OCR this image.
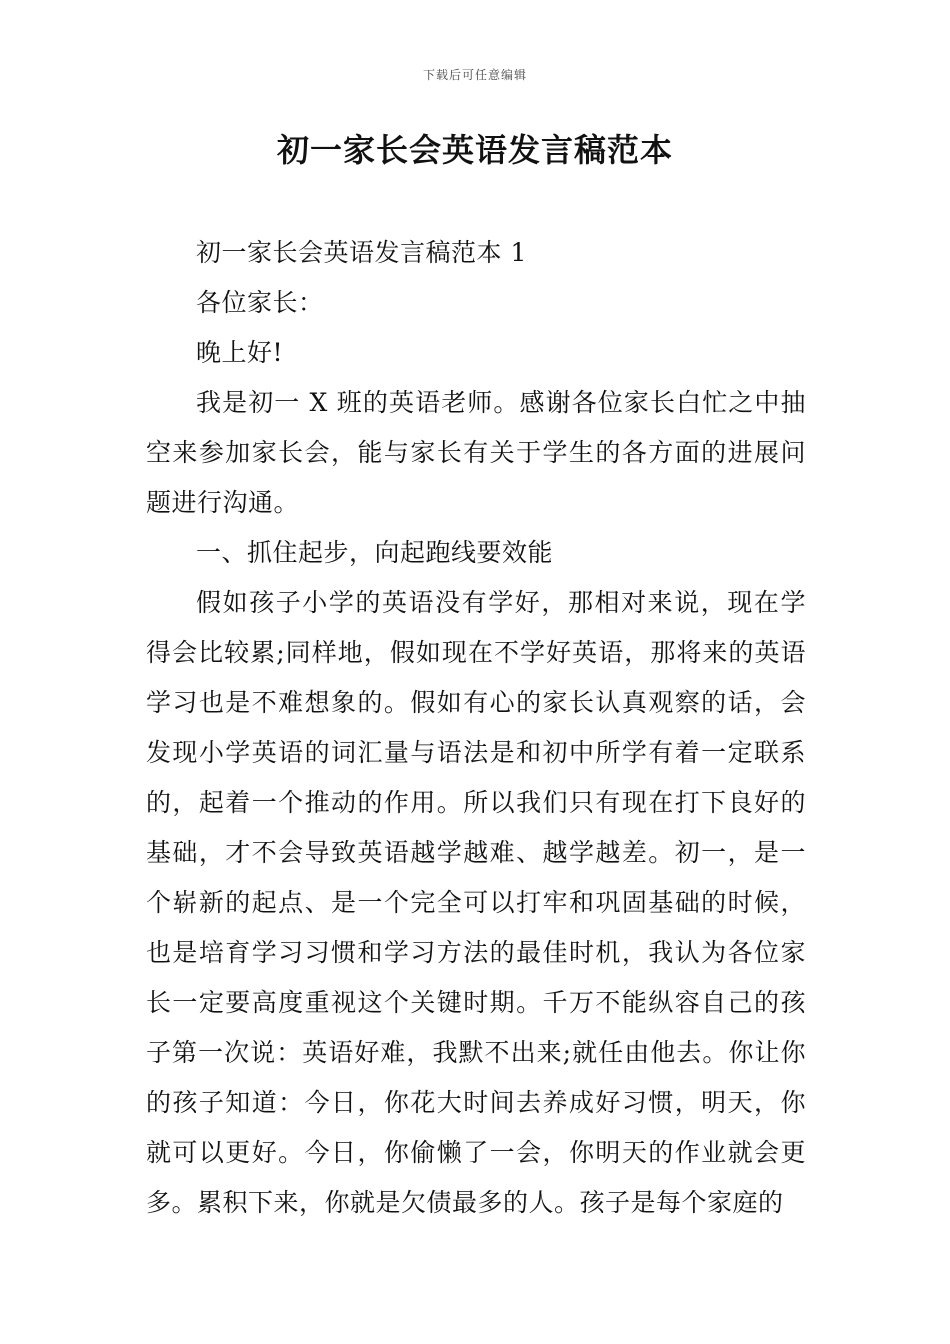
下载后可任意编辑
初一家长会英语发言稿范本

初一家长会英语发言稿范本 1

各位家长：

晚上好!

我是初一 X 班的英语老师。感谢各位家长白忙之中抽空来参加家长会，能与家长有关于学生的各方面的进展问题进行沟通。

一、抓住起步，向起跑线要效能

假如孩子小学的英语没有学好，那相对来说，现在学得会比较累;同样地，假如现在不学好英语，那将来的英语学习也是不难想象的。假如有心的家长认真观察的话，会发现小学英语的词汇量与语法是和初中所学有着一定联系的，起着一个推动的作用。所以我们只有现在打下良好的基础，才不会导致英语越学越难、越学越差。初一，是一个崭新的起点、是一个完全可以打牢和巩固基础的时候，也是培育学习习惯和学习方法的最佳时机，我认为各位家长一定要高度重视这个关键时期。千万不能纵容自己的孩子第一次说：英语好难，我默不出来;就任由他去。你让你的孩子知道：今日，你花大时间去养成好习惯，明天，你就可以更好。今日，你偷懒了一会，你明天的作业就会更多。累积下来，你就是欠债最多的人。孩子是每个家庭的
